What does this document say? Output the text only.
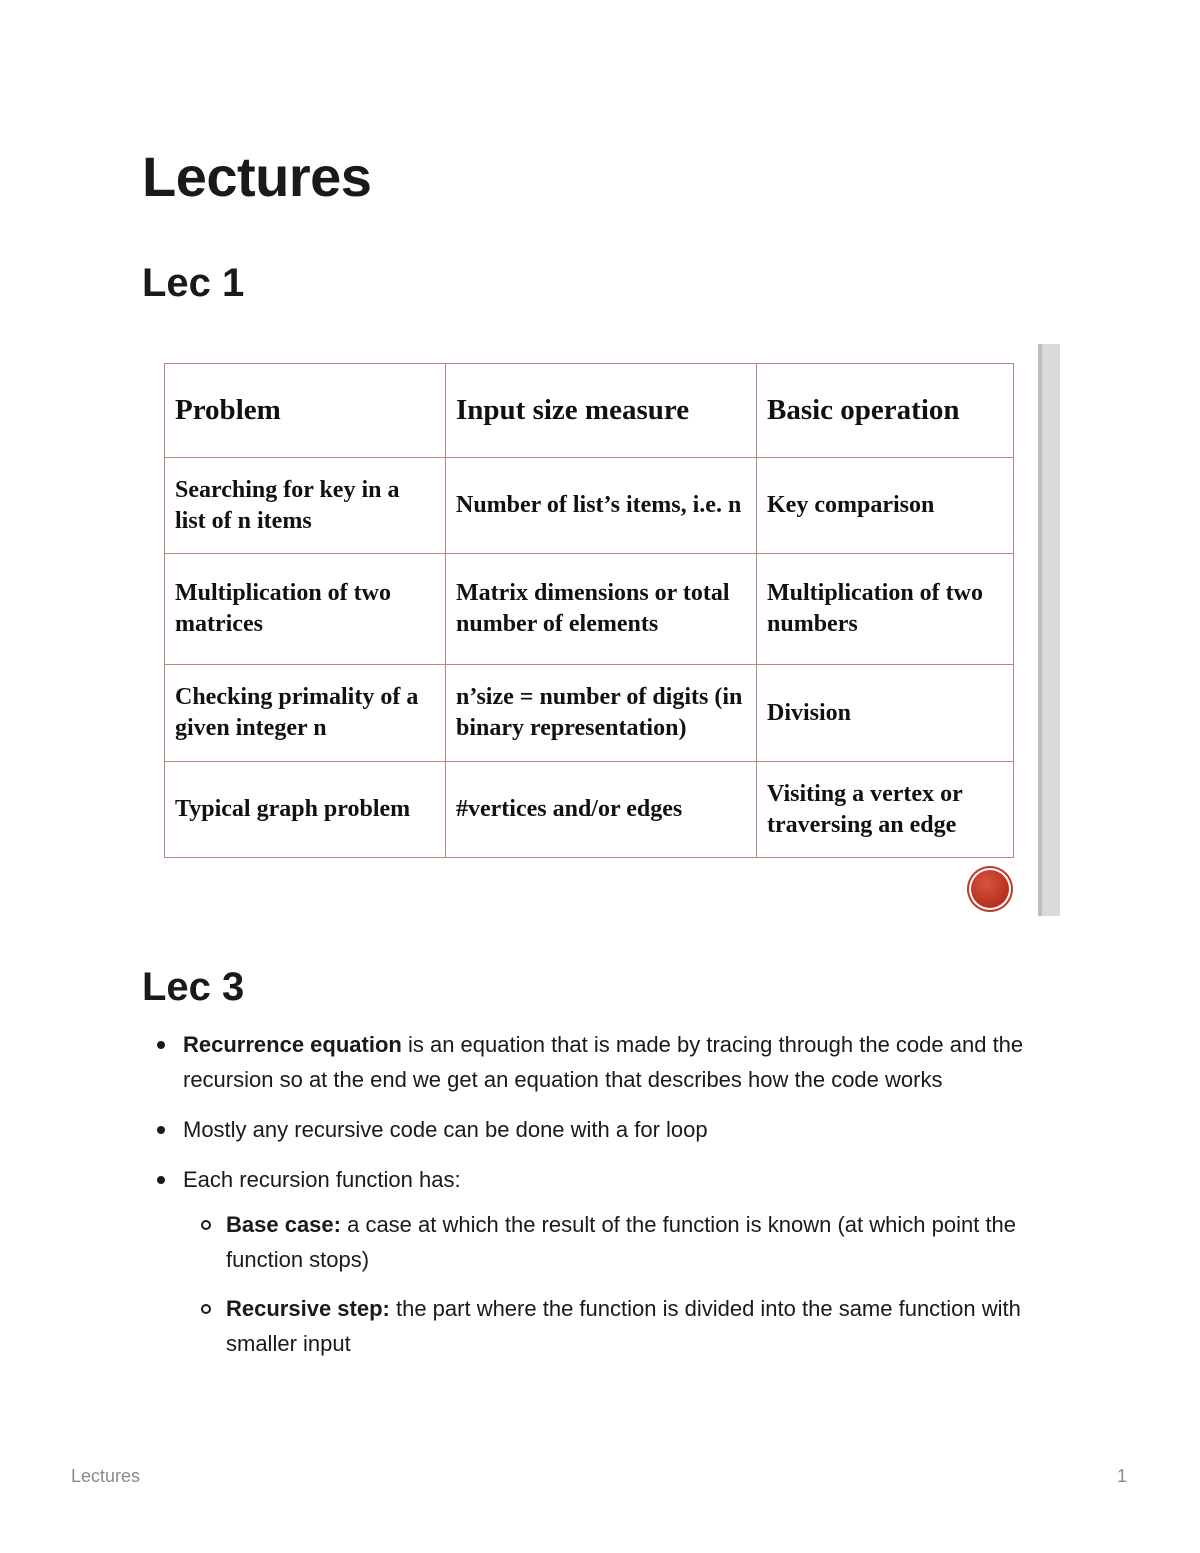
Lectures
Lec 1
Problem	Input size measure	Basic operation
Searching for key in a list of n items	Number of list’s items, i.e. n	Key comparison
Multiplication of two matrices	Matrix dimensions or total number of elements	Multiplication of two numbers
Checking primality of a given integer n	n’size = number of digits (in binary representation)	Division
Typical graph problem	#vertices and/or edges	Visiting a vertex or traversing an edge
Lec 3
Recurrence equation is an equation that is made by tracing through the code and the recursion so at the end we get an equation that describes how the code works
Mostly any recursive code can be done with a for loop
Each recursion function has:
Base case: a case at which the result of the function is known (at which point the function stops)
Recursive step: the part where the function is divided into the same function with smaller input
Lectures	1
